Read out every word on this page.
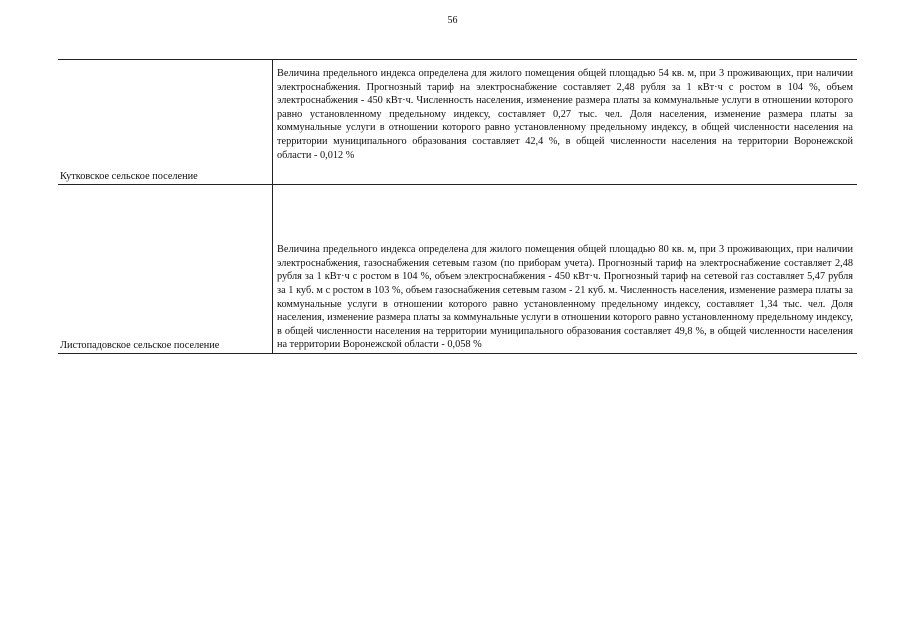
56
Кутковское сельское поселение
Величина предельного индекса определена для жилого помещения общей площадью 54 кв. м, при 3 проживающих, при наличии электроснабжения. Прогнозный тариф на электроснабжение составляет 2,48 рубля за 1 кВт·ч с ростом в 104 %, объем электроснабжения - 450 кВт·ч. Численность населения, изменение размера платы за коммунальные услуги в отношении которого равно установленному предельному индексу, составляет 0,27 тыс. чел. Доля населения, изменение размера платы за коммунальные услуги в отношении которого равно установленному предельному индексу, в общей численности населения на территории муниципального образования составляет 42,4 %, в общей численности населения на территории Воронежской области - 0,012 %
Листопадовское сельское поселение
Величина предельного индекса определена для жилого помещения общей площадью 80 кв. м, при 3 проживающих, при наличии электроснабжения, газоснабжения сетевым газом (по приборам учета). Прогнозный тариф на электроснабжение составляет 2,48 рубля за 1 кВт·ч с ростом в 104 %, объем электроснабжения - 450 кВт·ч. Прогнозный тариф на сетевой газ составляет 5,47 рубля за 1 куб. м с ростом в 103 %, объем газоснабжения сетевым газом - 21 куб. м. Численность населения, изменение размера платы за коммунальные услуги в отношении которого равно установленному предельному индексу, составляет 1,34 тыс. чел. Доля населения, изменение размера платы за коммунальные услуги в отношении которого равно установленному предельному индексу, в общей численности населения на территории муниципального образования составляет 49,8 %, в общей численности населения на территории Воронежской области - 0,058 %
